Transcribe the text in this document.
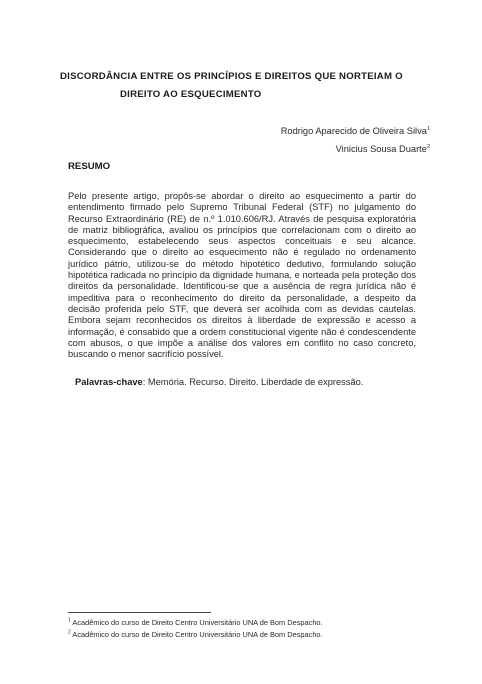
DISCORDÂNCIA ENTRE OS PRINCÍPIOS E DIREITOS QUE NORTEIAM O
DIREITO AO ESQUECIMENTO
Rodrigo Aparecido de Oliveira Silva$^1$
Vinicius Sousa Duarte$^2$
RESUMO

Pelo presente artigo, propôs-se abordar o direito ao esquecimento a partir do entendimento firmado pelo Supremo Tribunal Federal (STF) no julgamento do Recurso Extraordinário (RE) de n.º 1.010.606/RJ. Através de pesquisa exploratória de matriz bibliográfica, avaliou os princípios que correlacionam com o direito ao esquecimento, estabelecendo seus aspectos conceituais e seu alcance. Considerando que o direito ao esquecimento não é regulado no ordenamento jurídico pátrio, utilizou-se do método hipotético dedutivo, formulando solução hipotética radicada no princípio da dignidade humana, e norteada pela proteção dos direitos da personalidade. Identificou-se que a ausência de regra jurídica não é impeditiva para o reconhecimento do direito da personalidade, a despeito da decisão proferida pelo STF, que deverá ser acolhida com as devidas cautelas. Embora sejam reconhecidos os direitos à liberdade de expressão e acesso a informação, é consabido que a ordem constitucional vigente não é condescendente com abusos, o que impõe a análise dos valores em conflito no caso concreto, buscando o menor sacrifício possível.

Palavras-chave: Memória. Recurso. Direito. Liberdade de expressão.
$^1$ Acadêmico do curso de Direito Centro Universitário UNA de Bom Despacho.
$^2$ Acadêmico do curso de Direito Centro Universitário UNA de Bom Despacho.
